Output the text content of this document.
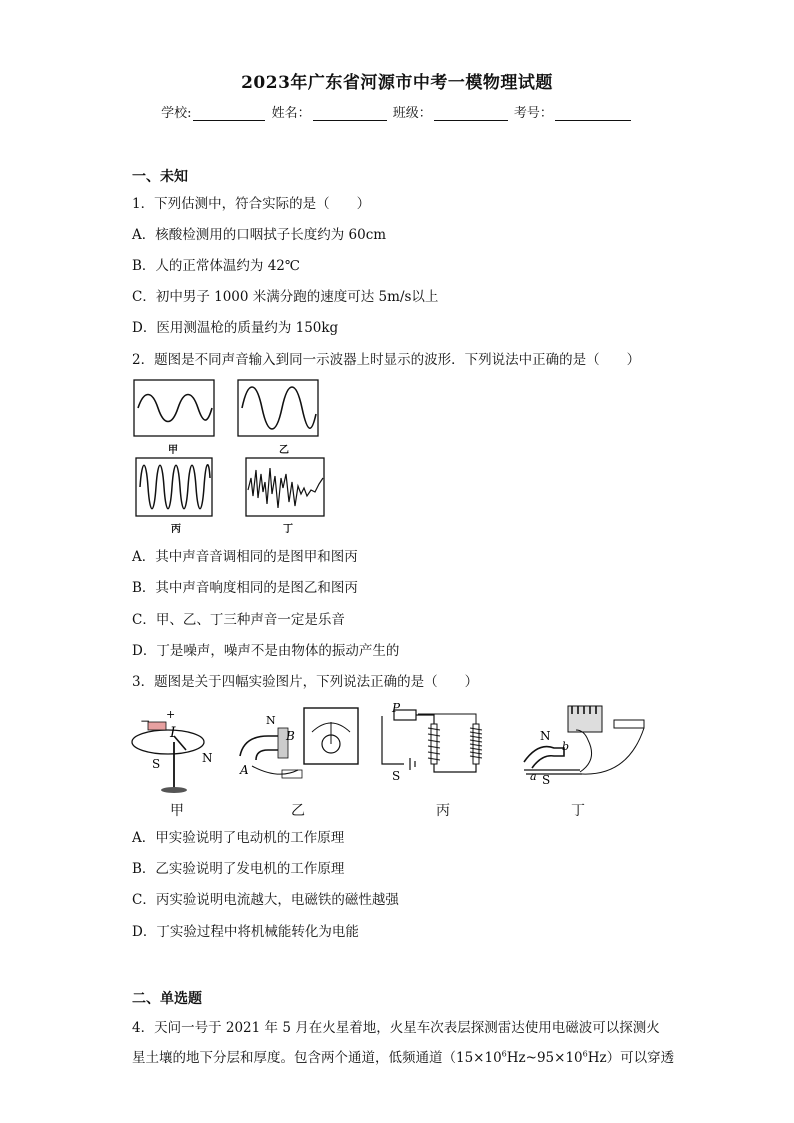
2023年广东省河源市中考一模物理试题
学校:	姓名：	班级：	考号：
一、未知
1．下列估测中，符合实际的是（　　）
A．核酸检测用的口咽拭子长度约为 60cm
B．人的正常体温约为 42℃
C．初中男子 1000 米满分跑的速度可达 5m/s以上
D．医用测温枪的质量约为 150kg
2．题图是不同声音输入到同一示波器上时显示的波形．下列说法中正确的是（　　）
甲	乙
丙	丁
A．其中声音音调相同的是图甲和图丙
B．其中声音响度相同的是图乙和图丙
C．甲、乙、丁三种声音一定是乐音
D．丁是噪声，噪声不是由物体的振动产生的
3．题图是关于四幅实验图片，下列说法正确的是（　　）
− +
I
S	N
N
B
A
P
S
N
b
a S
甲	乙	丙	丁
A．甲实验说明了电动机的工作原理
B．乙实验说明了发电机的工作原理
C．丙实验说明电流越大，电磁铁的磁性越强
D．丁实验过程中将机械能转化为电能
二、单选题
4．天问一号于 2021 年 5 月在火星着地，火星车次表层探测雷达使用电磁波可以探测火
星土壤的地下分层和厚度。包含两个通道，低频通道$(15\times 10^6Hz\sim 95\times 10^6Hz)$可以穿透
